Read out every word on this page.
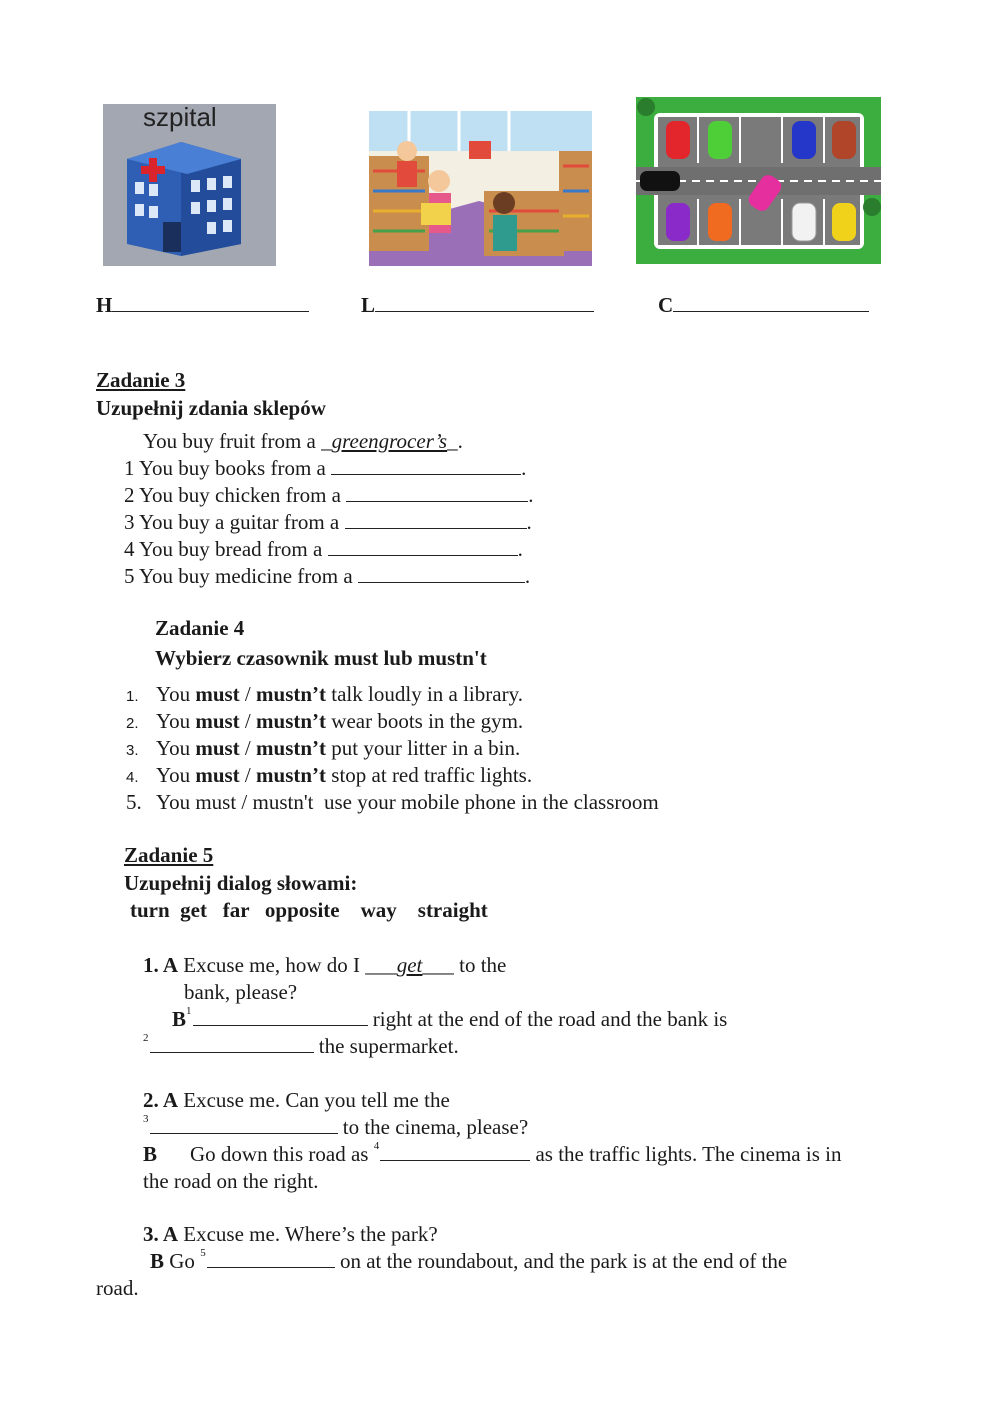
szpital
H	L	C
Zadanie 3
Uzupełnij zdania sklepów
You buy fruit from a _greengrocer’s_.
1 You buy books from a	.
2 You buy chicken from a	.
3 You buy a guitar from a	.
4 You buy bread from a	.
5 You buy medicine from a	.
Zadanie 4
Wybierz czasownik must lub mustn't
1. You must / mustn’t talk loudly in a library.
2. You must / mustn’t wear boots in the gym.
3. You must / mustn’t put your litter in a bin.
4. You must / mustn’t stop at red traffic lights.
5. You must / mustn't  use your mobile phone in the classroom
Zadanie 5
Uzupełnij dialog słowami:
turn  get   far   opposite    way    straight
1. A Excuse me, how do I ___get___ to the
bank, please?
$B^1$	right at the end of the road and the bank is
$^2$	the supermarket.
2. A Excuse me. Can you tell me the
$^3$	to the cinema, please?
B Go down this road as $^4$	as the traffic lights. The cinema is in
the road on the right.
3. A Excuse me. Where’s the park?
B Go $^5$	on at the roundabout, and the park is at the end of the
road.
